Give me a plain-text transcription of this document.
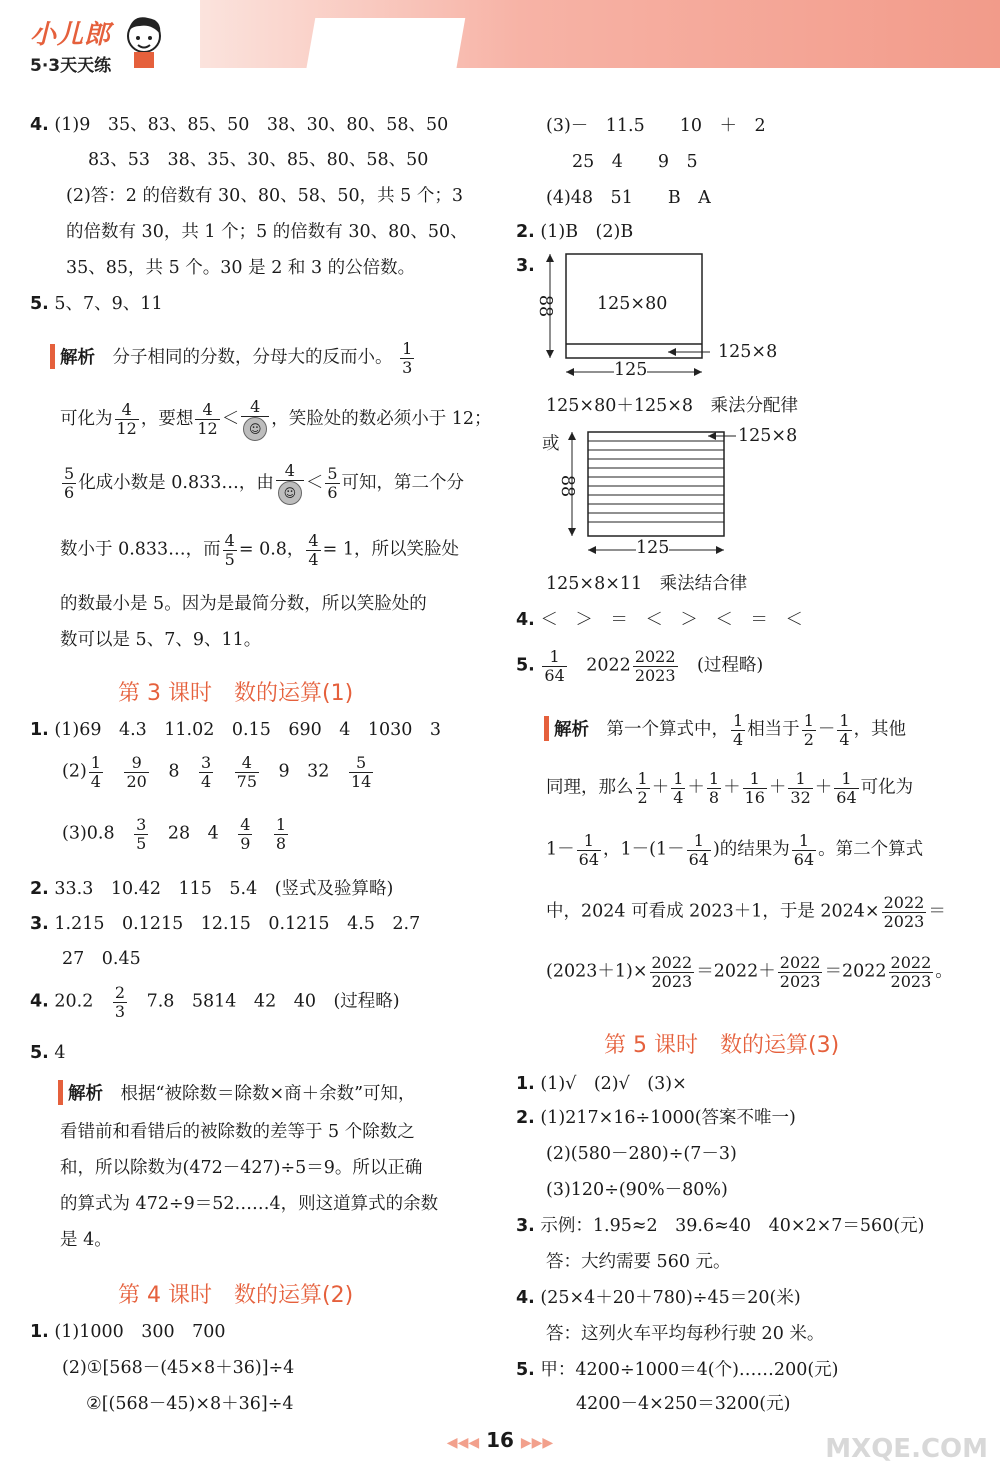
小儿郎
5·3天天练
4. (1)9　35、83、85、50　38、30、80、58、50
83、53　38、35、30、85、80、58、50
(2)答：2 的倍数有 30、80、58、50，共 5 个；3
的倍数有 30，共 1 个；5 的倍数有 30、80、50、
35、85，共 5 个。30 是 2 和 3 的公倍数。
5. 5、7、9、11
解析　 分子相同的分数，分母大的反而小。 $\frac{1}{3}$
可化为 $\frac{4}{12}$ ，要想 $\frac{4}{12} < \frac{4}{☺}$ ，笑脸处的数必须小于 12；
$\frac{5}{6}$ 化成小数是 0.833…，由 $\frac{4}{☺} < \frac{5}{6}$ 可知，第二个分
数小于 0.833…，而 $\frac{4}{5} = 0.8$， $\frac{4}{4} = 1$，所以笑脸处
的数最小是 5。因为是最简分数，所以笑脸处的
数可以是 5、7、9、11。
第 3 课时　数的运算(1)
1. (1)69　4.3　11.02　0.15　690　4　1030　3
$(2) \frac{1}{4}$
　 $\frac{9}{20}$
　 8　 $\frac{3}{4}$
　 $\frac{4}{75}$
　 9　32　 $\frac{5}{14}$
(3)0.8　 $\frac{3}{5}$
　 28　4　 $\frac{4}{9}$
　 $\frac{1}{8}$
2. 33.3　10.42　115　5.4　(竖式及验算略)
3. 1.215　0.1215　12.15　0.1215　4.5　2.7
27　0.45
4. 20.2　 $\frac{2}{3}$
　 7.8　5814　42　40　(过程略)
5. 4
解析　 根据“被除数＝除数×商＋余数”可知，
看错前和看错后的被除数的差等于 5 个除数之
和，所以除数为(472－427)÷5＝9。所以正确
的算式为 472÷9＝52……4，则这道算式的余数
是 4。
第 4 课时　数的运算(2)
1. (1)1000　300　700
(2)①[568－(45×8＋36)]÷4
②[(568－45)×8＋36]÷4
(3)－　11.5　　10　＋　2
25　4　　9　5
(4)48　51　　B　A
2. (1)B　(2)B
3.
125×80
88
125×8
125
125×80＋125×8　乘法分配律
或	125×8
88
125
125×8×11　乘法结合律
4. ＜　＞　＝　＜　＞　＜　＝　＜
5. $\frac{1}{64}$
　 $2022 \frac{2022}{2023}$
　 (过程略)
解析　 第一个算式中， $\frac{1}{4}$ 相当于 $\frac{1}{2} - \frac{1}{4}$ ，其他
同理，那么 $\frac{1}{2} + \frac{1}{4} + \frac{1}{8} + \frac{1}{16} + \frac{1}{32} + \frac{1}{64}$ 可化为
$1- \frac{1}{64}$ ，$1-(1- \frac{1}{64}$ )的结果为 $\frac{1}{64}$ 。第二个算式
中，2024 可看成 2023＋1，于是 $2024\times \frac{2022}{2023}$ ＝
$(2023+1)\times \frac{2022}{2023} =2022+ \frac{2022}{2023} =2022 \frac{2022}{2023}$ 。
第 5 课时　数的运算(3)
1. (1)√　(2)√　(3)×
2. (1)217×16÷1000(答案不唯一)
(2)(580－280)÷(7－3)
(3)120÷(90%－80%)
3. 示例：1.95≈2　39.6≈40　40×2×7＝560(元)
答：大约需要 560 元。
4. (25×4＋20＋780)÷45＝20(米)
答：这列火车平均每秒行驶 20 米。
5. 甲：4200÷1000＝4(个)……200(元)
4200－4×250＝3200(元)
◀◀◀ 16 ▶▶▶	MXQE.COM
